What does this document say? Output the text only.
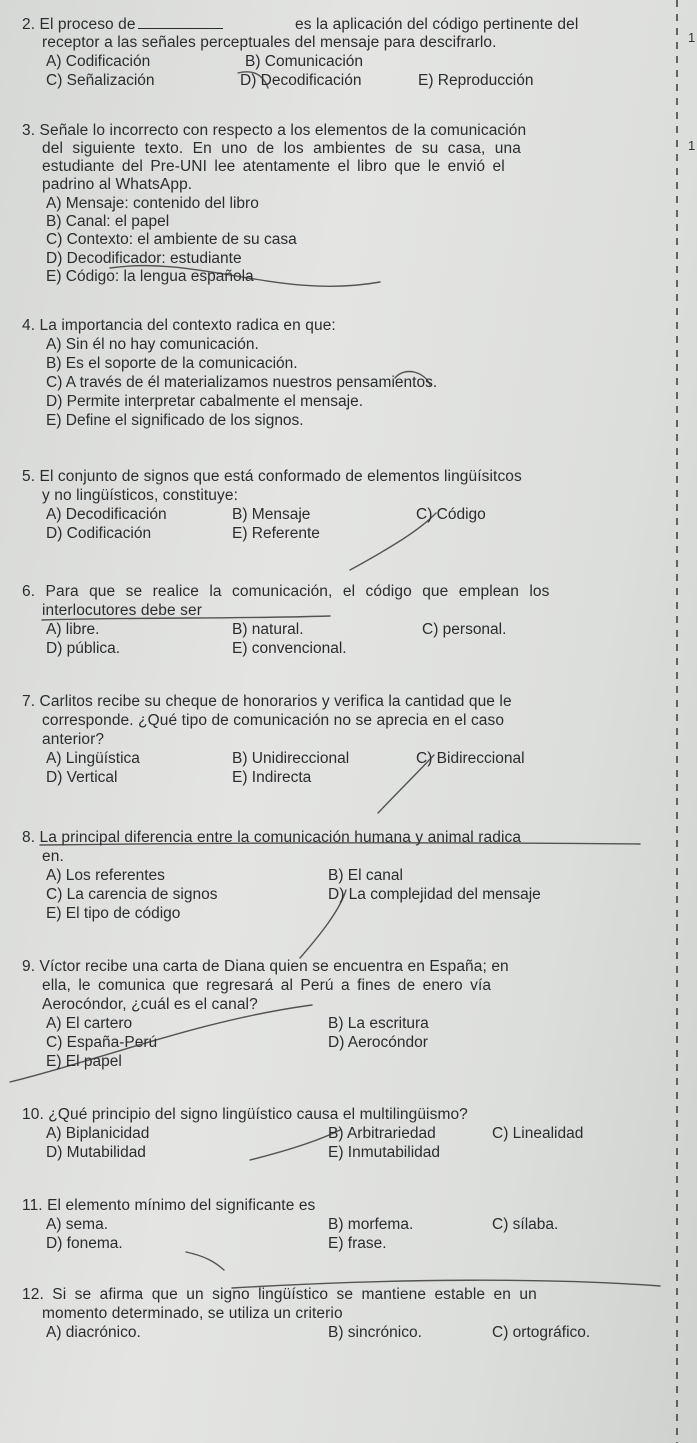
1
1
2. El proceso de	es la aplicación del código pertinente del
receptor a las señales perceptuales del mensaje para descifrarlo.
A) Codificación	B) Comunicación
C) Señalización	D) Decodificación	E) Reproducción
3. Señale lo incorrecto con respecto a los elementos de la comunicación
del siguiente texto. En uno de los ambientes de su casa, una
estudiante del Pre-UNI lee atentamente el libro que le envió el
padrino al WhatsApp.
A) Mensaje: contenido del libro
B) Canal: el papel
C) Contexto: el ambiente de su casa
D) Decodificador: estudiante
E) Código: la lengua española
4. La importancia del contexto radica en que:
A) Sin él no hay comunicación.
B) Es el soporte de la comunicación.
C) A través de él materializamos nuestros pensamientos.
D) Permite interpretar cabalmente el mensaje.
E) Define el significado de los signos.
5. El conjunto de signos que está conformado de elementos lingüísitcos
y no lingüísticos, constituye:
A) Decodificación	B) Mensaje	C) Código
D) Codificación	E) Referente
6. Para que se realice la comunicación, el código que emplean los
interlocutores debe ser
A) libre.	B) natural.	C) personal.
D) pública.	E) convencional.
7. Carlitos recibe su cheque de honorarios y verifica la cantidad que le
corresponde. ¿Qué tipo de comunicación no se aprecia en el caso
anterior?
A) Lingüística	B) Unidireccional	C) Bidireccional
D) Vertical	E) Indirecta
8. La principal diferencia entre la comunicación humana y animal radica
en.
A) Los referentes	B) El canal
C) La carencia de signos	D) La complejidad del mensaje
E) El tipo de código
9. Víctor recibe una carta de Diana quien se encuentra en España; en
ella, le comunica que regresará al Perú a fines de enero vía
Aerocóndor, ¿cuál es el canal?
A) El cartero	B) La escritura
C) España-Perú	D) Aerocóndor
E) El papel
10. ¿Qué principio del signo lingüístico causa el multilingüismo?
A) Biplanicidad	B) Arbitrariedad	C) Linealidad
D) Mutabilidad	E) Inmutabilidad
11. El elemento mínimo del significante es
A) sema.	B) morfema.	C) sílaba.
D) fonema.	E) frase.
12. Si se afirma que un signo lingüístico se mantiene estable en un
momento determinado, se utiliza un criterio
A) diacrónico.	B) sincrónico.	C) ortográfico.
